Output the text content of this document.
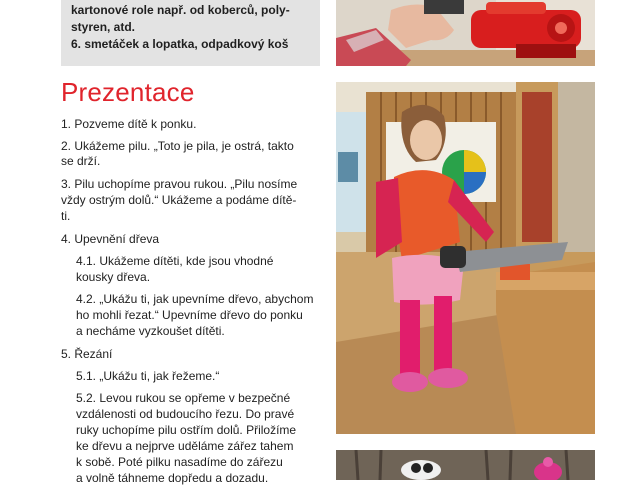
kartonové role např. od koberců, poly-
styren, atd.
6. smetáček a lopatka, odpadkový koš
Prezentace
1. Pozveme dítě k ponku.
2. Ukážeme pilu. „Toto je pila, je ostrá, takto
se drží.
3. Pilu uchopíme pravou rukou. „Pilu nosíme
vždy ostrým dolů.“ Ukážeme a podáme dítě-
ti.
4. Upevnění dřeva
4.1. Ukážeme dítěti, kde jsou vhodné
kousky dřeva.
4.2. „Ukážu ti, jak upevníme dřevo, abychom
ho mohli řezat.“ Upevníme dřevo do ponku
a necháme vyzkoušet dítěti.
5. Řezání
5.1. „Ukážu ti, jak řežeme.“
5.2. Levou rukou se opřeme v bezpečné
vzdálenosti od budoucího řezu. Do pravé
ruky uchopíme pilu ostřím dolů. Přiložíme
ke dřevu a nejprve uděláme zářez tahem
k sobě. Poté pilku nasadíme do zářezu
a volně táhneme dopředu a dozadu.
